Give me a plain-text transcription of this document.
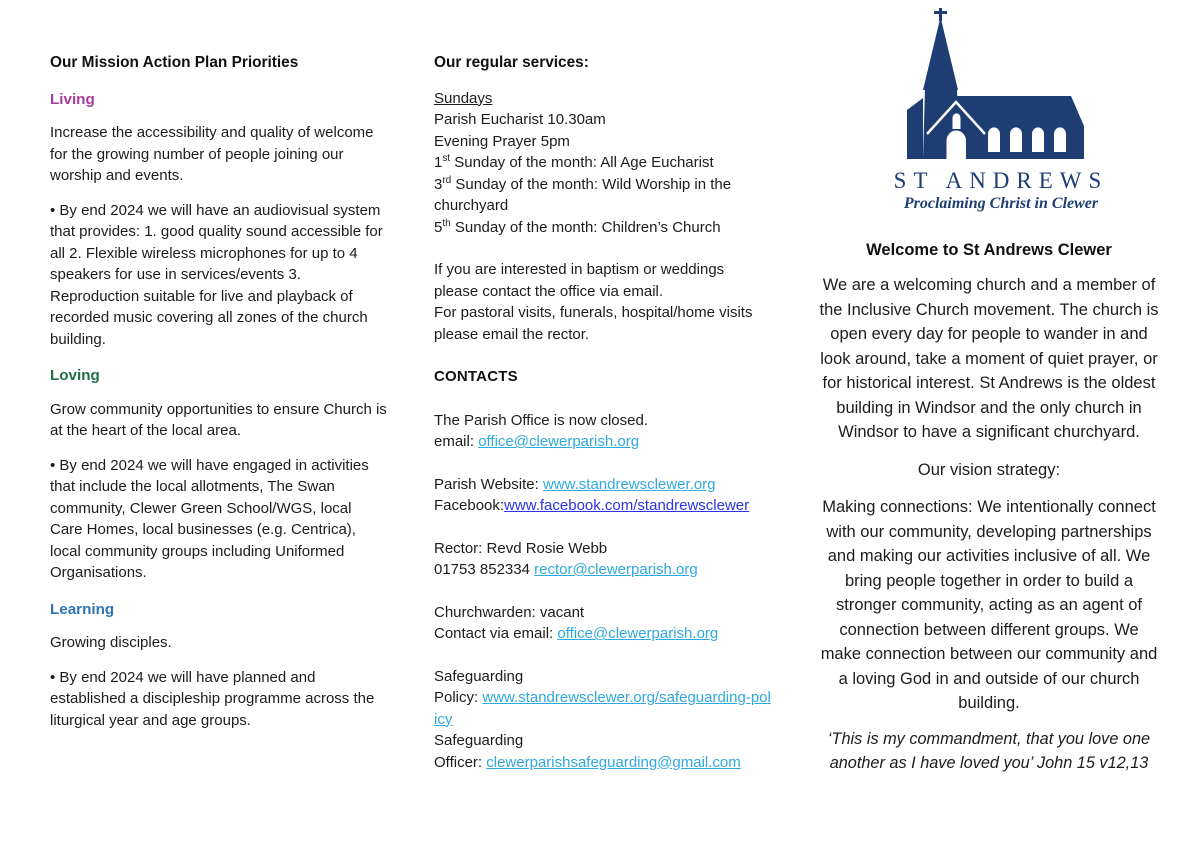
Our Mission Action Plan Priorities
Living

Increase the accessibility and quality of welcome for the growing number of people joining our worship and events.

• By end 2024 we will have an audiovisual system that provides: 1. good quality sound accessible for all 2. Flexible wireless microphones for up to 4 speakers for use in services/events 3. Reproduction suitable for live and playback of recorded music covering all zones of the church building.

Loving

Grow community opportunities to ensure Church is at the heart of the local area.

• By end 2024 we will have engaged in activities that include the local allotments, The Swan community, Clewer Green School/WGS, local Care Homes, local businesses (e.g. Centrica), local community groups including Uniformed Organisations.

Learning

Growing disciples.

• By end 2024 we will have planned and established a discipleship programme across the liturgical year and age groups.

Our regular services:
Sundays
Parish Eucharist 10.30am
Evening Prayer 5pm
1st Sunday of the month: All Age Eucharist
3rd Sunday of the month: Wild Worship in the churchyard
5th Sunday of the month: Children’s Church
If you are interested in baptism or weddings please contact the office via email.
For pastoral visits, funerals, hospital/home visits please email the rector.
CONTACTS
The Parish Office is now closed.
email: office@clewerparish.org
Parish Website: www.standrewsclewer.org
Facebook:www.facebook.com/standrewsclewer
Rector: Revd Rosie Webb
01753 852334 rector@clewerparish.org
Churchwarden: vacant
Contact via email: office@clewerparish.org
Safeguarding
Policy: www.standrewsclewer.org/safeguarding-policy
Safeguarding
Officer: clewerparishsafeguarding@gmail.com
ST ANDREWS
Proclaiming Christ in Clewer
Welcome to St Andrews Clewer
We are a welcoming church and a member of the Inclusive Church movement. The church is open every day for people to wander in and look around, take a moment of quiet prayer, or for historical interest. St Andrews is the oldest building in Windsor and the only church in Windsor to have a significant churchyard.
Our vision strategy:
Making connections: We intentionally connect with our community, developing partnerships and making our activities inclusive of all. We bring people together in order to build a stronger community, acting as an agent of connection between different groups. We make connection between our community and a loving God in and outside of our church building.
‘This is my commandment, that you love one another as I have loved you’ John 15 v12,13
